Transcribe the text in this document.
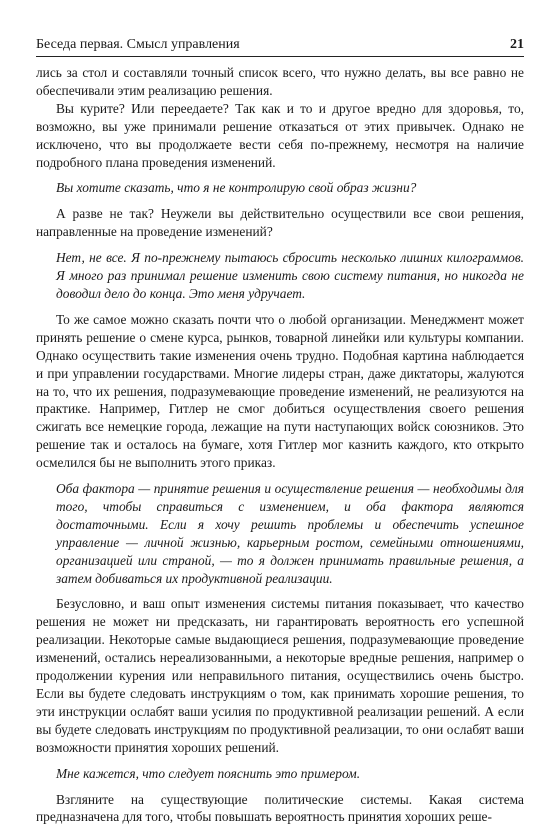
Беседа первая. Смысл управления	21

лись за стол и составляли точный список всего, что нужно делать, вы все равно не обеспечивали этим реализацию решения.

Вы курите? Или переедаете? Так как и то и другое вредно для здоровья, то, возможно, вы уже принимали решение отказаться от этих привычек. Однако не исключено, что вы продолжаете вести себя по-прежнему, несмотря на наличие подробного плана проведения изменений.

Вы хотите сказать, что я не контролирую свой образ жизни?

А разве не так? Неужели вы действительно осуществили все свои решения, направленные на проведение изменений?

Нет, не все. Я по-прежнему пытаюсь сбросить несколько лишних килограммов. Я много раз принимал решение изменить свою систему питания, но никогда не доводил дело до конца. Это меня удручает.

То же самое можно сказать почти что о любой организации. Менеджмент может принять решение о смене курса, рынков, товарной линейки или культуры компании. Однако осуществить такие изменения очень трудно. Подобная картина наблюдается и при управлении государствами. Многие лидеры стран, даже диктаторы, жалуются на то, что их решения, подразумевающие проведение изменений, не реализуются на практике. Например, Гитлер не смог добиться осуществления своего решения сжигать все немецкие города, лежащие на пути наступающих войск союзников. Это решение так и осталось на бумаге, хотя Гитлер мог казнить каждого, кто открыто осмелился бы не выполнить этого приказ.

Оба фактора — принятие решения и осуществление решения — необходимы для того, чтобы справиться с изменением, и оба фактора являются достаточными. Если я хочу решить проблемы и обеспечить успешное управление — личной жизнью, карьерным ростом, семейными отношениями, организацией или страной, — то я должен принимать правильные решения, а затем добиваться их продуктивной реализации.

Безусловно, и ваш опыт изменения системы питания показывает, что качество решения не может ни предсказать, ни гарантировать вероятность его успешной реализации. Некоторые самые выдающиеся решения, подразумевающие проведение изменений, остались нереализованными, а некоторые вредные решения, например о продолжении курения или неправильного питания, осуществились очень быстро. Если вы будете следовать инструкциям о том, как принимать хорошие решения, то эти инструкции ослабят ваши усилия по продуктивной реализации решений. А если вы будете следовать инструкциям по продуктивной реализации, то они ослабят ваши возможности принятия хороших решений.

Мне кажется, что следует пояснить это примером.

Взгляните на существующие политические системы. Какая система предназначена для того, чтобы повышать вероятность принятия хороших реше-
